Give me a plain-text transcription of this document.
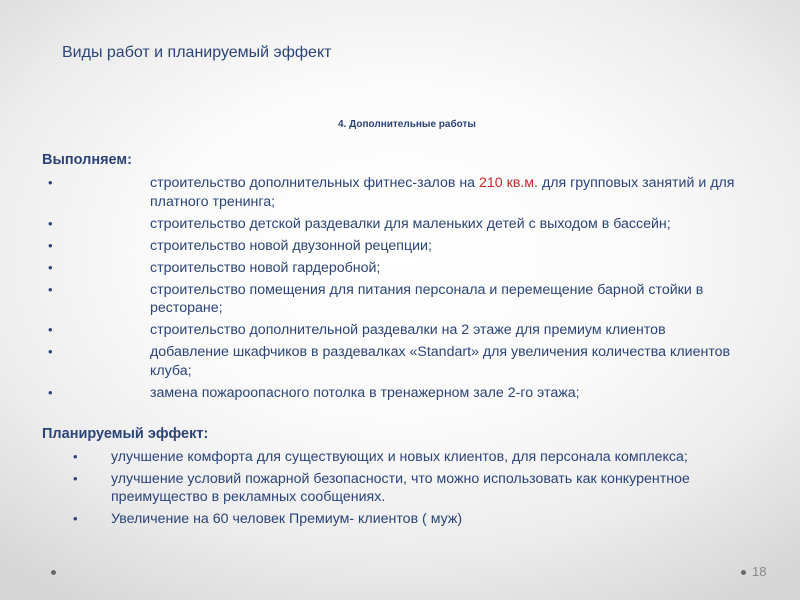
Виды работ и планируемый эффект
4. Дополнительные работы
Выполняем:
•	строительство дополнительных фитнес-залов на 210 кв.м. для групповых занятий и для платного тренинга;
•	строительство детской раздевалки для маленьких детей с выходом в бассейн;
•	строительство новой двузонной рецепции;
•	строительство новой гардеробной;
•	строительство помещения для питания персонала и перемещение барной стойки в ресторане;
•	строительство дополнительной раздевалки на 2 этаже для премиум клиентов
•	добавление шкафчиков в раздевалках «Standart» для увеличения количества клиентов клуба;
•	замена пожароопасного потолка в тренажерном зале 2-го этажа;
Планируемый эффект:
• улучшение комфорта для существующих и новых клиентов, для персонала комплекса;
• улучшение условий пожарной безопасности, что можно использовать как конкурентное преимущество в рекламных сообщениях.
• Увеличение на 60 человек Премиум- клиентов ( муж)
18
